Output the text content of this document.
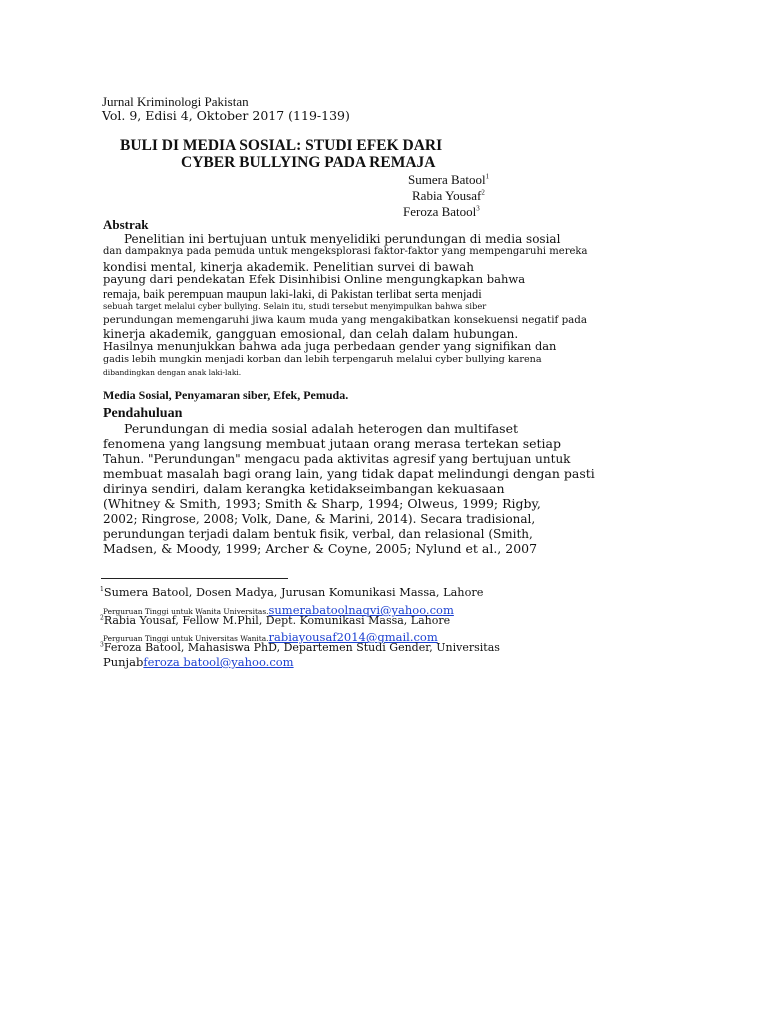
Jurnal Kriminologi Pakistan
Vol. 9, Edisi 4, Oktober 2017 (119-139)
BULI DI MEDIA SOSIAL: STUDI EFEK DARI
CYBER BULLYING PADA REMAJA
Sumera Batool$^1$
Rabia Yousaf$^2$
Feroza Batool$^3$
Abstrak
Penelitian ini bertujuan untuk menyelidiki perundungan di media sosial
dan dampaknya pada pemuda untuk mengeksplorasi faktor-faktor yang mempengaruhi mereka
kondisi mental, kinerja akademik. Penelitian survei di bawah
payung dari pendekatan Efek Disinhibisi Online mengungkapkan bahwa
remaja, baik perempuan maupun laki-laki, di Pakistan terlibat serta menjadi
sebuah target melalui cyber bullying. Selain itu, studi tersebut menyimpulkan bahwa siber
perundungan memengaruhi jiwa kaum muda yang mengakibatkan konsekuensi negatif pada
kinerja akademik, gangguan emosional, dan celah dalam hubungan.
Hasilnya menunjukkan bahwa ada juga perbedaan gender yang signifikan dan
gadis lebih mungkin menjadi korban dan lebih terpengaruh melalui cyber bullying karena
dibandingkan dengan anak laki-laki.
Media Sosial, Penyamaran siber, Efek, Pemuda.
Pendahuluan
Perundungan di media sosial adalah heterogen dan multifaset
fenomena yang langsung membuat jutaan orang merasa tertekan setiap
Tahun. "Perundungan" mengacu pada aktivitas agresif yang bertujuan untuk
membuat masalah bagi orang lain, yang tidak dapat melindungi dengan pasti
dirinya sendiri, dalam kerangka ketidakseimbangan kekuasaan
(Whitney & Smith, 1993; Smith & Sharp, 1994; Olweus, 1999; Rigby,
2002; Ringrose, 2008; Volk, Dane, & Marini, 2014). Secara tradisional,
perundungan terjadi dalam bentuk fisik, verbal, dan relasional (Smith,
Madsen, & Moody, 1999; Archer & Coyne, 2005; Nylund et al., 2007
$^1$Sumera Batool, Dosen Madya, Jurusan Komunikasi Massa, Lahore
Perguruan Tinggi untuk Wanita Universitas.sumerabatoolnaqvi@yahoo.com
$^2$Rabia Yousaf, Fellow M.Phil, Dept. Komunikasi Massa, Lahore
Perguruan Tinggi untuk Universitas Wanita.rabiayousaf2014@gmail.com
$^3$Feroza Batool, Mahasiswa PhD, Departemen Studi Gender, Universitas
Punjabferoza batool@yahoo.com
